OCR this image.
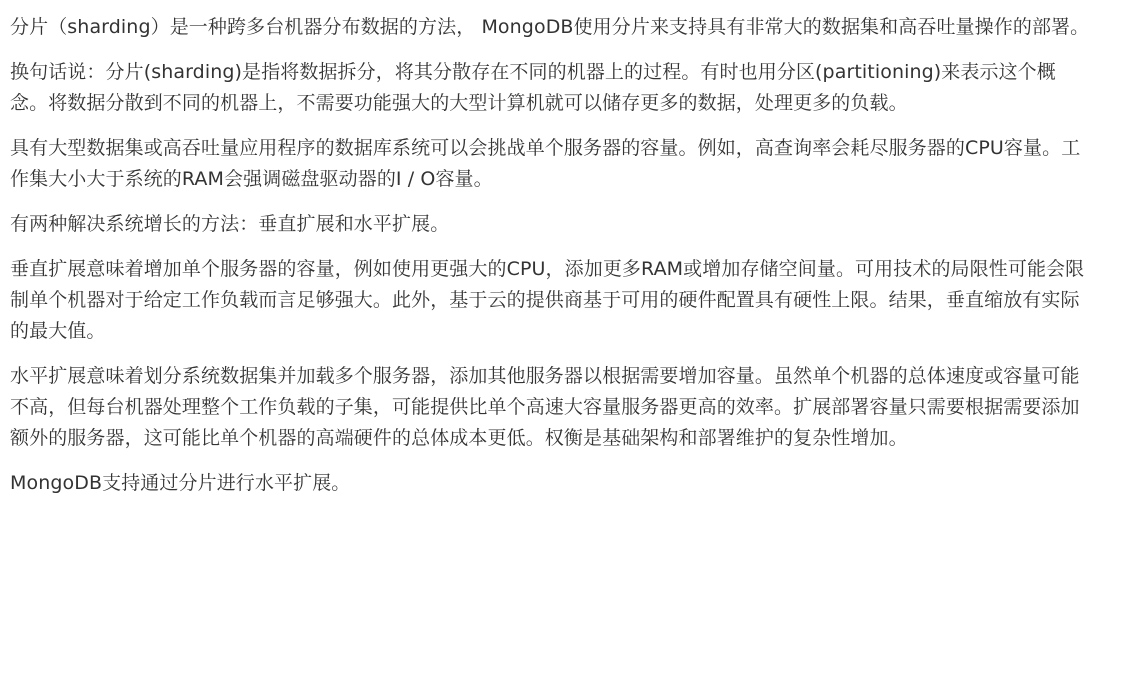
分片（sharding）是一种跨多台机器分布数据的方法， MongoDB使用分片来支持具有非常大的数据集和高吞吐量操作的部署。

换句话说：分片(sharding)是指将数据拆分，将其分散存在不同的机器上的过程。有时也用分区(partitioning)来表示这个概念。将数据分散到不同的机器上，不需要功能强大的大型计算机就可以储存更多的数据，处理更多的负载。

具有大型数据集或高吞吐量应用程序的数据库系统可以会挑战单个服务器的容量。例如，高查询率会耗尽服务器的CPU容量。工作集大小大于系统的RAM会强调磁盘驱动器的I / O容量。

有两种解决系统增长的方法：垂直扩展和水平扩展。

垂直扩展意味着增加单个服务器的容量，例如使用更强大的CPU，添加更多RAM或增加存储空间量。可用技术的局限性可能会限制单个机器对于给定工作负载而言足够强大。此外，基于云的提供商基于可用的硬件配置具有硬性上限。结果，垂直缩放有实际的最大值。

水平扩展意味着划分系统数据集并加载多个服务器，添加其他服务器以根据需要增加容量。虽然单个机器的总体速度或容量可能不高，但每台机器处理整个工作负载的子集，可能提供比单个高速大容量服务器更高的效率。扩展部署容量只需要根据需要添加额外的服务器，这可能比单个机器的高端硬件的总体成本更低。权衡是基础架构和部署维护的复杂性增加。

MongoDB支持通过分片进行水平扩展。
